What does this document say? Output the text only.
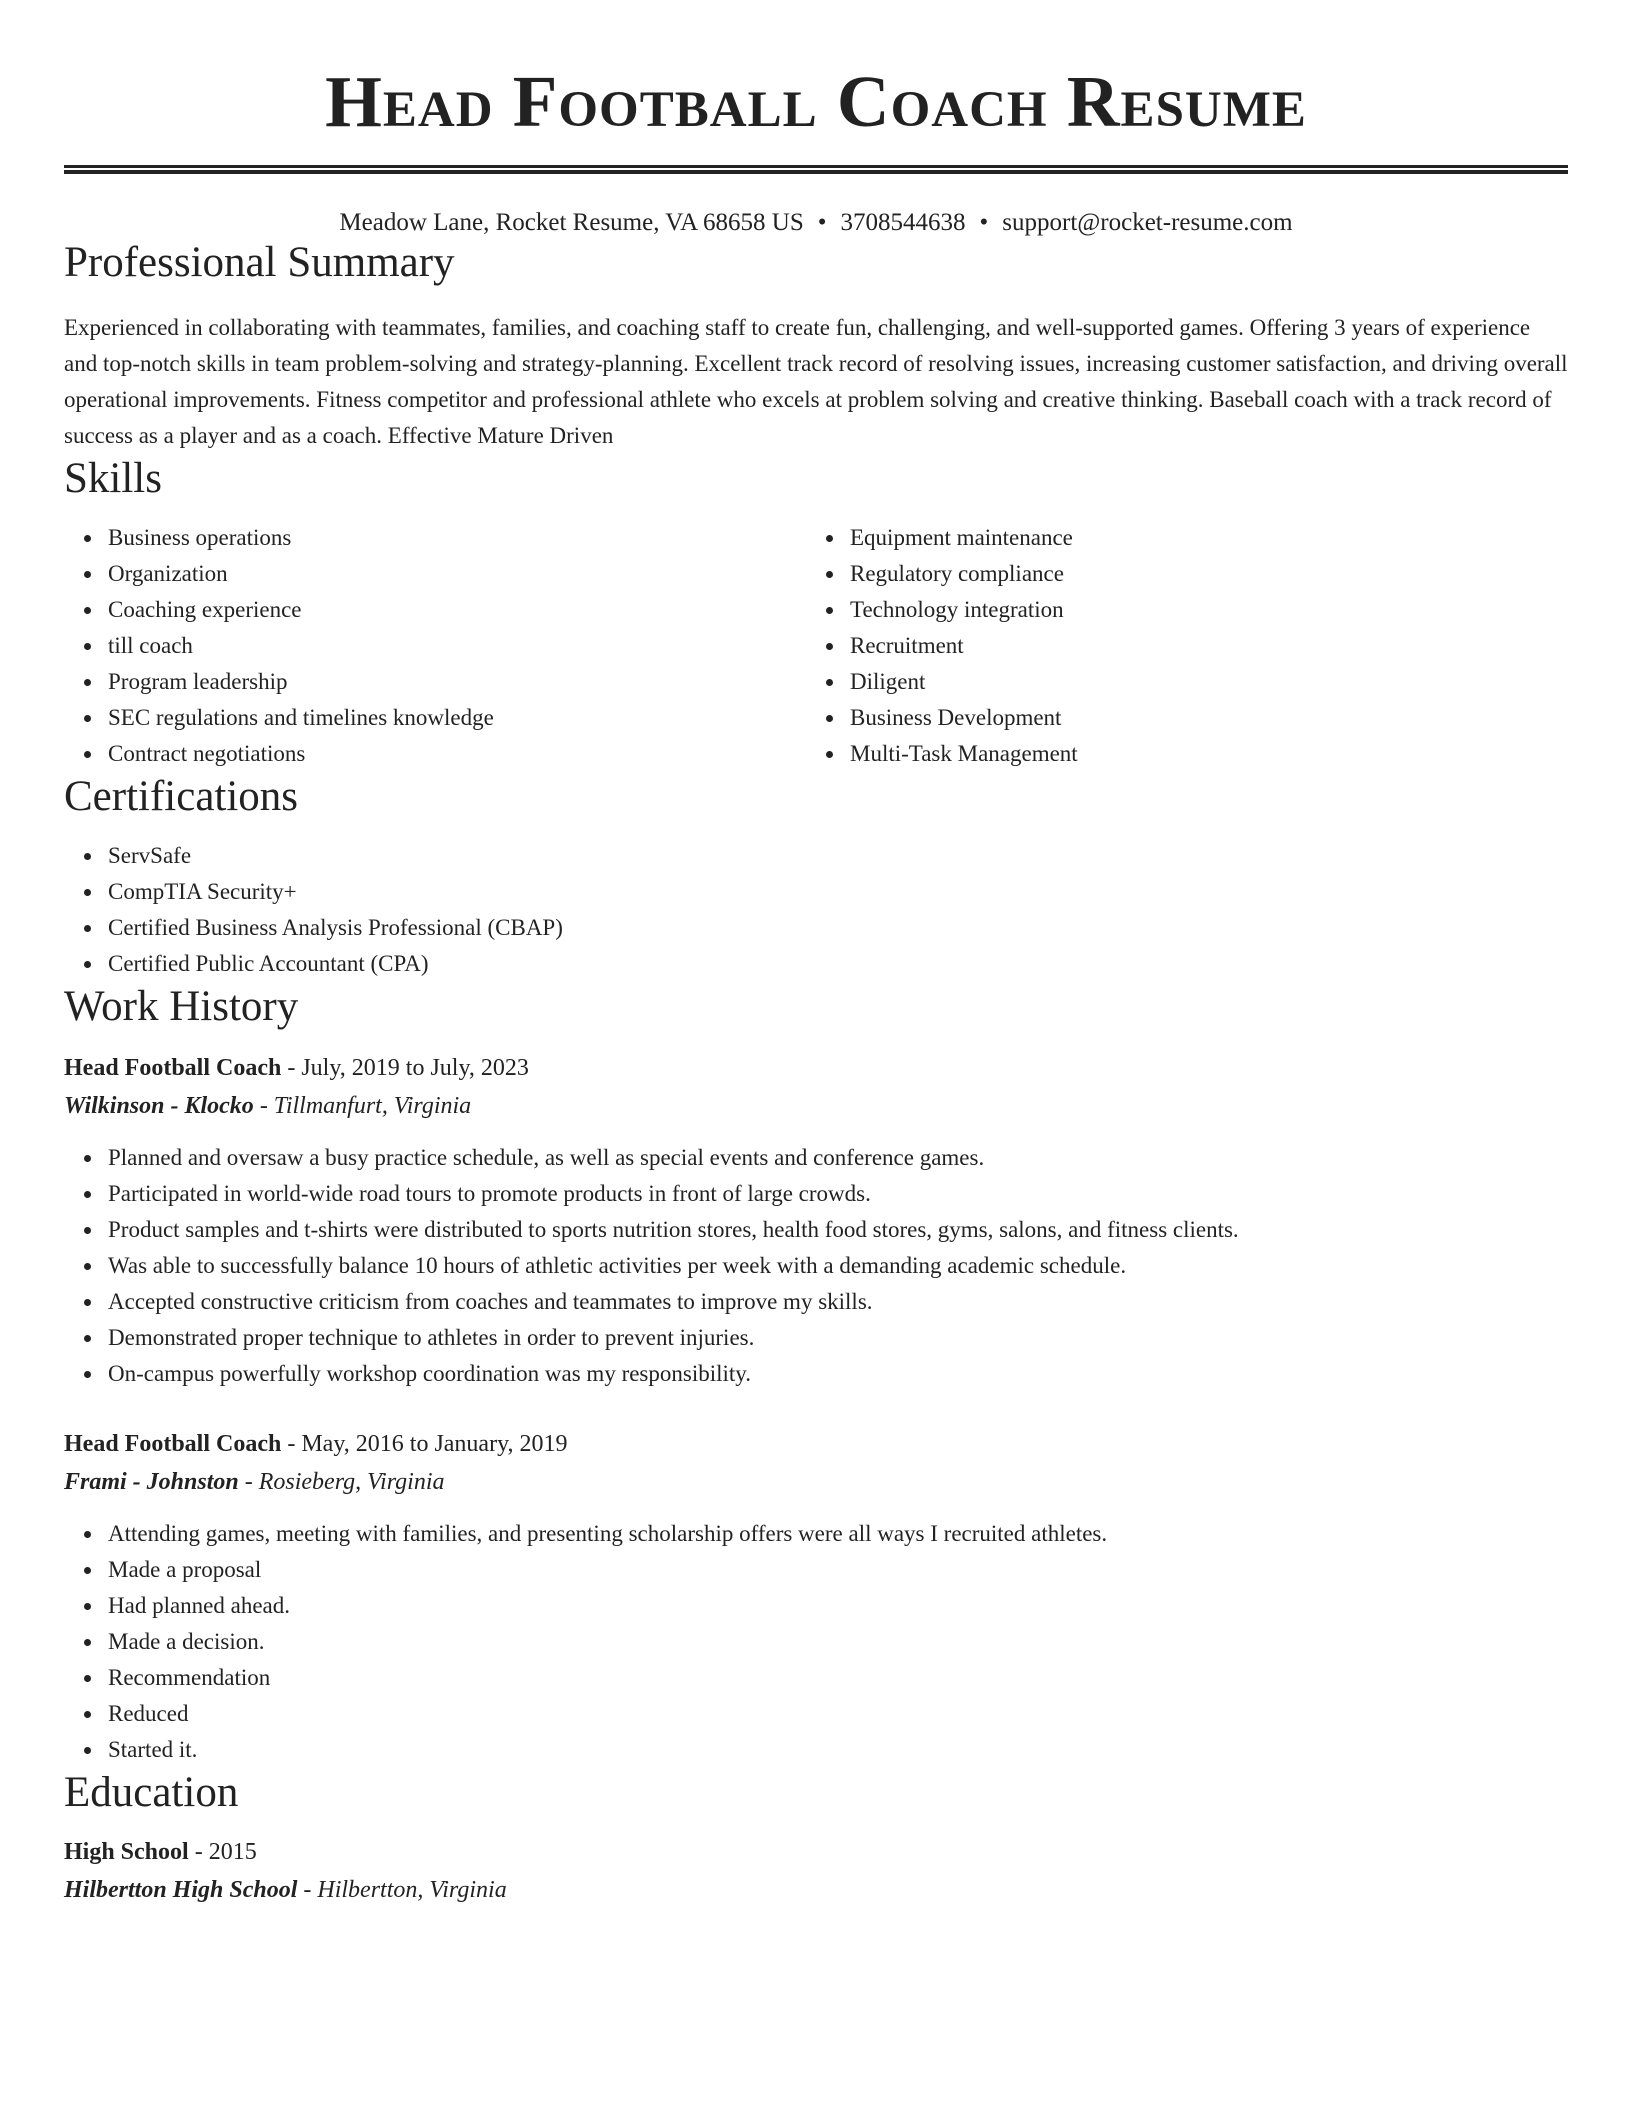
Head Football Coach Resume
Meadow Lane, Rocket Resume, VA 68658 US • 3708544638 • support@rocket-resume.com
Professional Summary
Experienced in collaborating with teammates, families, and coaching staff to create fun, challenging, and well-supported games. Offering 3 years of experience and top-notch skills in team problem-solving and strategy-planning. Excellent track record of resolving issues, increasing customer satisfaction, and driving overall operational improvements. Fitness competitor and professional athlete who excels at problem solving and creative thinking. Baseball coach with a track record of success as a player and as a coach. Effective Mature Driven
Skills
Business operations
Organization
Coaching experience
till coach
Program leadership
SEC regulations and timelines knowledge
Contract negotiations
Equipment maintenance
Regulatory compliance
Technology integration
Recruitment
Diligent
Business Development
Multi-Task Management
Certifications
ServSafe
CompTIA Security+
Certified Business Analysis Professional (CBAP)
Certified Public Accountant (CPA)
Work History
Head Football Coach - July, 2019 to July, 2023
Wilkinson - Klocko - Tillmanfurt, Virginia
Planned and oversaw a busy practice schedule, as well as special events and conference games.
Participated in world-wide road tours to promote products in front of large crowds.
Product samples and t-shirts were distributed to sports nutrition stores, health food stores, gyms, salons, and fitness clients.
Was able to successfully balance 10 hours of athletic activities per week with a demanding academic schedule.
Accepted constructive criticism from coaches and teammates to improve my skills.
Demonstrated proper technique to athletes in order to prevent injuries.
On-campus powerfully workshop coordination was my responsibility.
Head Football Coach - May, 2016 to January, 2019
Frami - Johnston - Rosieberg, Virginia
Attending games, meeting with families, and presenting scholarship offers were all ways I recruited athletes.
Made a proposal
Had planned ahead.
Made a decision.
Recommendation
Reduced
Started it.
Education
High School - 2015
Hilbertton High School - Hilbertton, Virginia
